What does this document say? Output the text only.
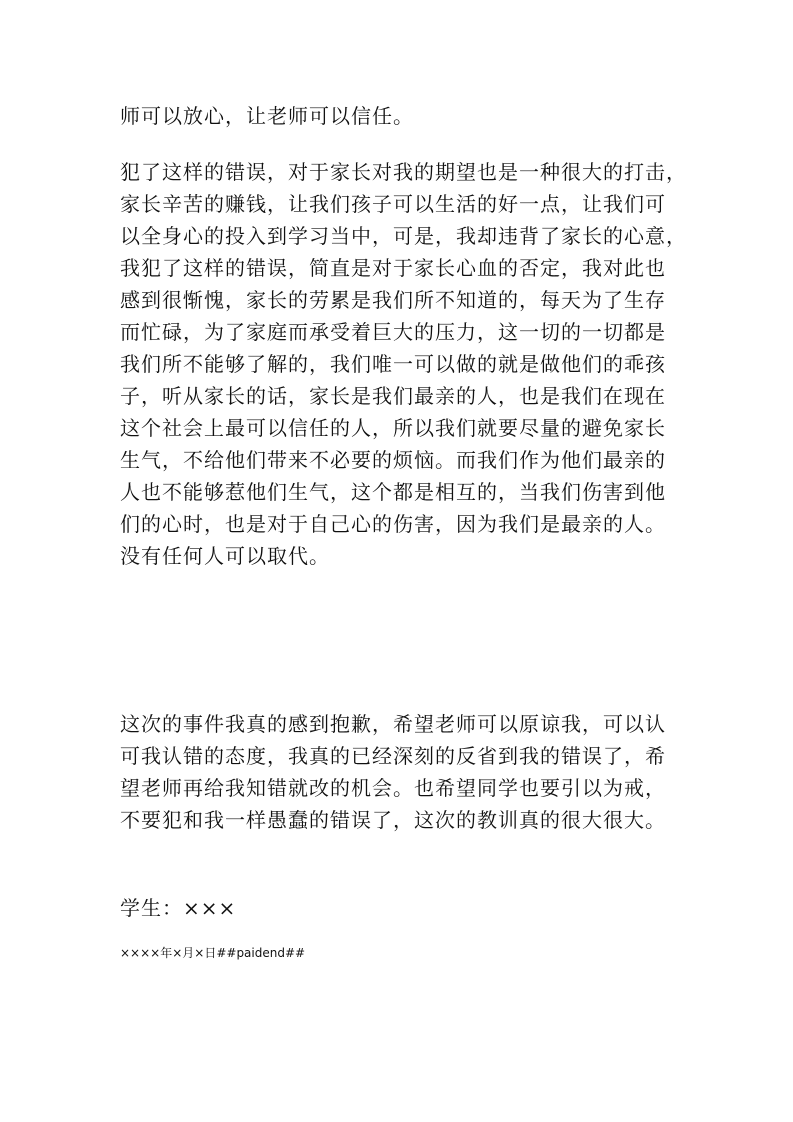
师可以放心，让老师可以信任。
犯了这样的错误，对于家长对我的期望也是一种很大的打击，
家长辛苦的赚钱，让我们孩子可以生活的好一点，让我们可
以全身心的投入到学习当中，可是，我却违背了家长的心意，
我犯了这样的错误，简直是对于家长心血的否定，我对此也
感到很惭愧，家长的劳累是我们所不知道的，每天为了生存
而忙碌，为了家庭而承受着巨大的压力，这一切的一切都是
我们所不能够了解的，我们唯一可以做的就是做他们的乖孩
子，听从家长的话，家长是我们最亲的人，也是我们在现在
这个社会上最可以信任的人，所以我们就要尽量的避免家长
生气，不给他们带来不必要的烦恼。而我们作为他们最亲的
人也不能够惹他们生气，这个都是相互的，当我们伤害到他
们的心时，也是对于自己心的伤害，因为我们是最亲的人。
没有任何人可以取代。
这次的事件我真的感到抱歉，希望老师可以原谅我，可以认
可我认错的态度，我真的已经深刻的反省到我的错误了，希
望老师再给我知错就改的机会。也希望同学也要引以为戒，
不要犯和我一样愚蠢的错误了，这次的教训真的很大很大。
学生：×××
××××年×月×日##paidend##
